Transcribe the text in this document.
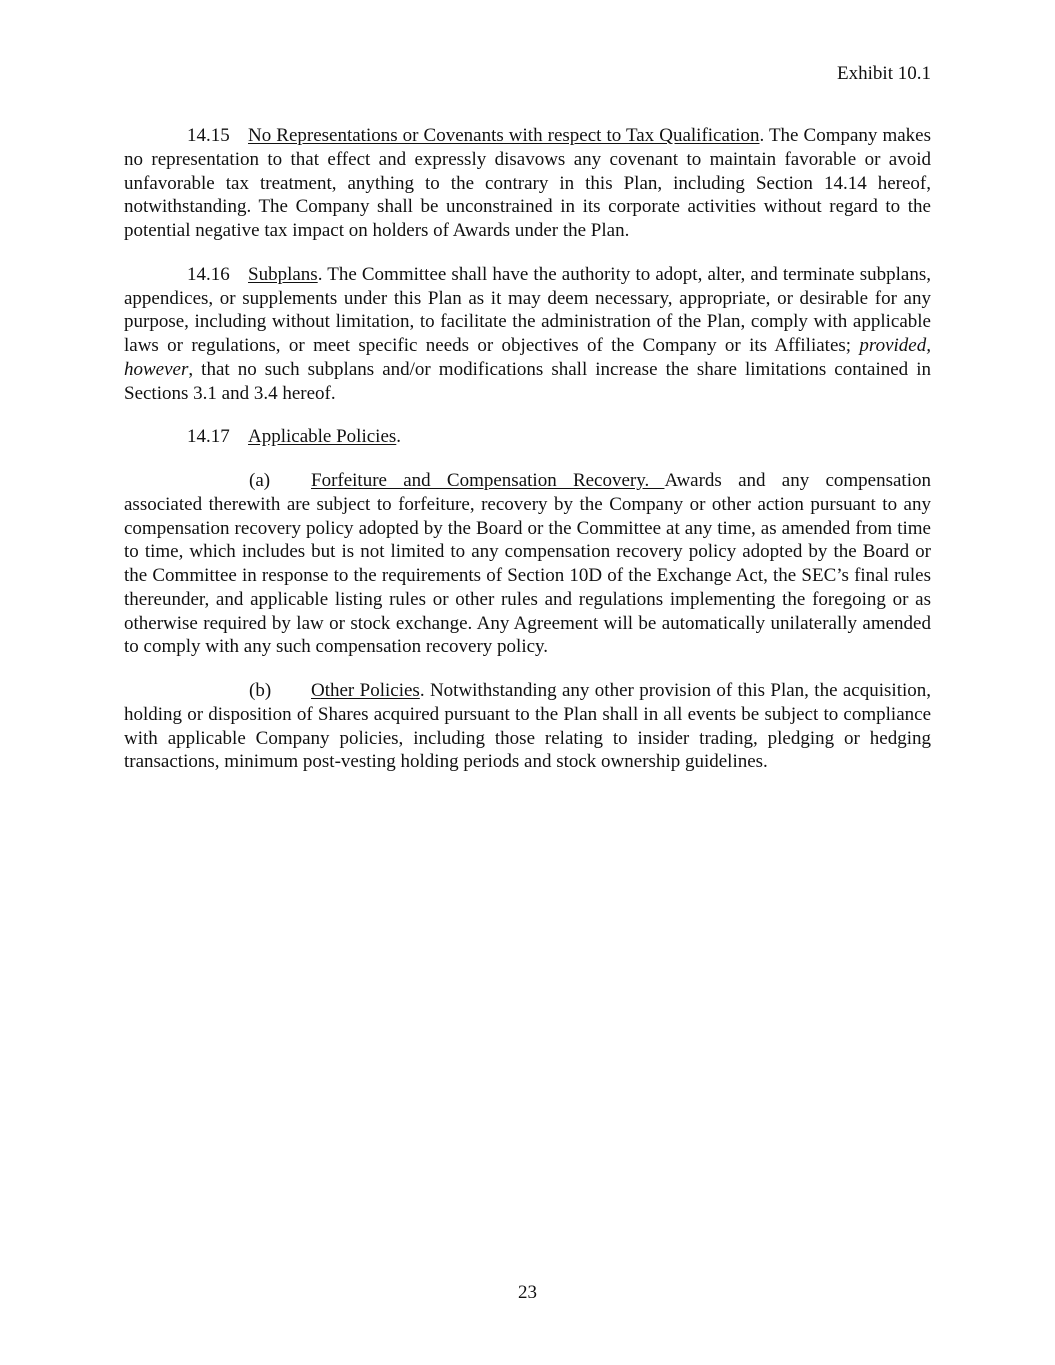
Exhibit 10.1

14.15 No Representations or Covenants with respect to Tax Qualification. The Company makes no representation to that effect and expressly disavows any covenant to maintain favorable or avoid unfavorable tax treatment, anything to the contrary in this Plan, including Section 14.14 hereof, notwithstanding. The Company shall be unconstrained in its corporate activities without regard to the potential negative tax impact on holders of Awards under the Plan.

14.16 Subplans. The Committee shall have the authority to adopt, alter, and terminate subplans, appendices, or supplements under this Plan as it may deem necessary, appropriate, or desirable for any purpose, including without limitation, to facilitate the administration of the Plan, comply with applicable laws or regulations, or meet specific needs or objectives of the Company or its Affiliates; provided, however, that no such subplans and/or modifications shall increase the share limitations contained in Sections 3.1 and 3.4 hereof.

14.17 Applicable Policies.

(a) Forfeiture and Compensation Recovery. Awards and any compensation associated therewith are subject to forfeiture, recovery by the Company or other action pursuant to any compensation recovery policy adopted by the Board or the Committee at any time, as amended from time to time, which includes but is not limited to any compensation recovery policy adopted by the Board or the Committee in response to the requirements of Section 10D of the Exchange Act, the SEC’s final rules thereunder, and applicable listing rules or other rules and regulations implementing the foregoing or as otherwise required by law or stock exchange. Any Agreement will be automatically unilaterally amended to comply with any such compensation recovery policy.

(b) Other Policies. Notwithstanding any other provision of this Plan, the acquisition, holding or disposition of Shares acquired pursuant to the Plan shall in all events be subject to compliance with applicable Company policies, including those relating to insider trading, pledging or hedging transactions, minimum post-vesting holding periods and stock ownership guidelines.

23
